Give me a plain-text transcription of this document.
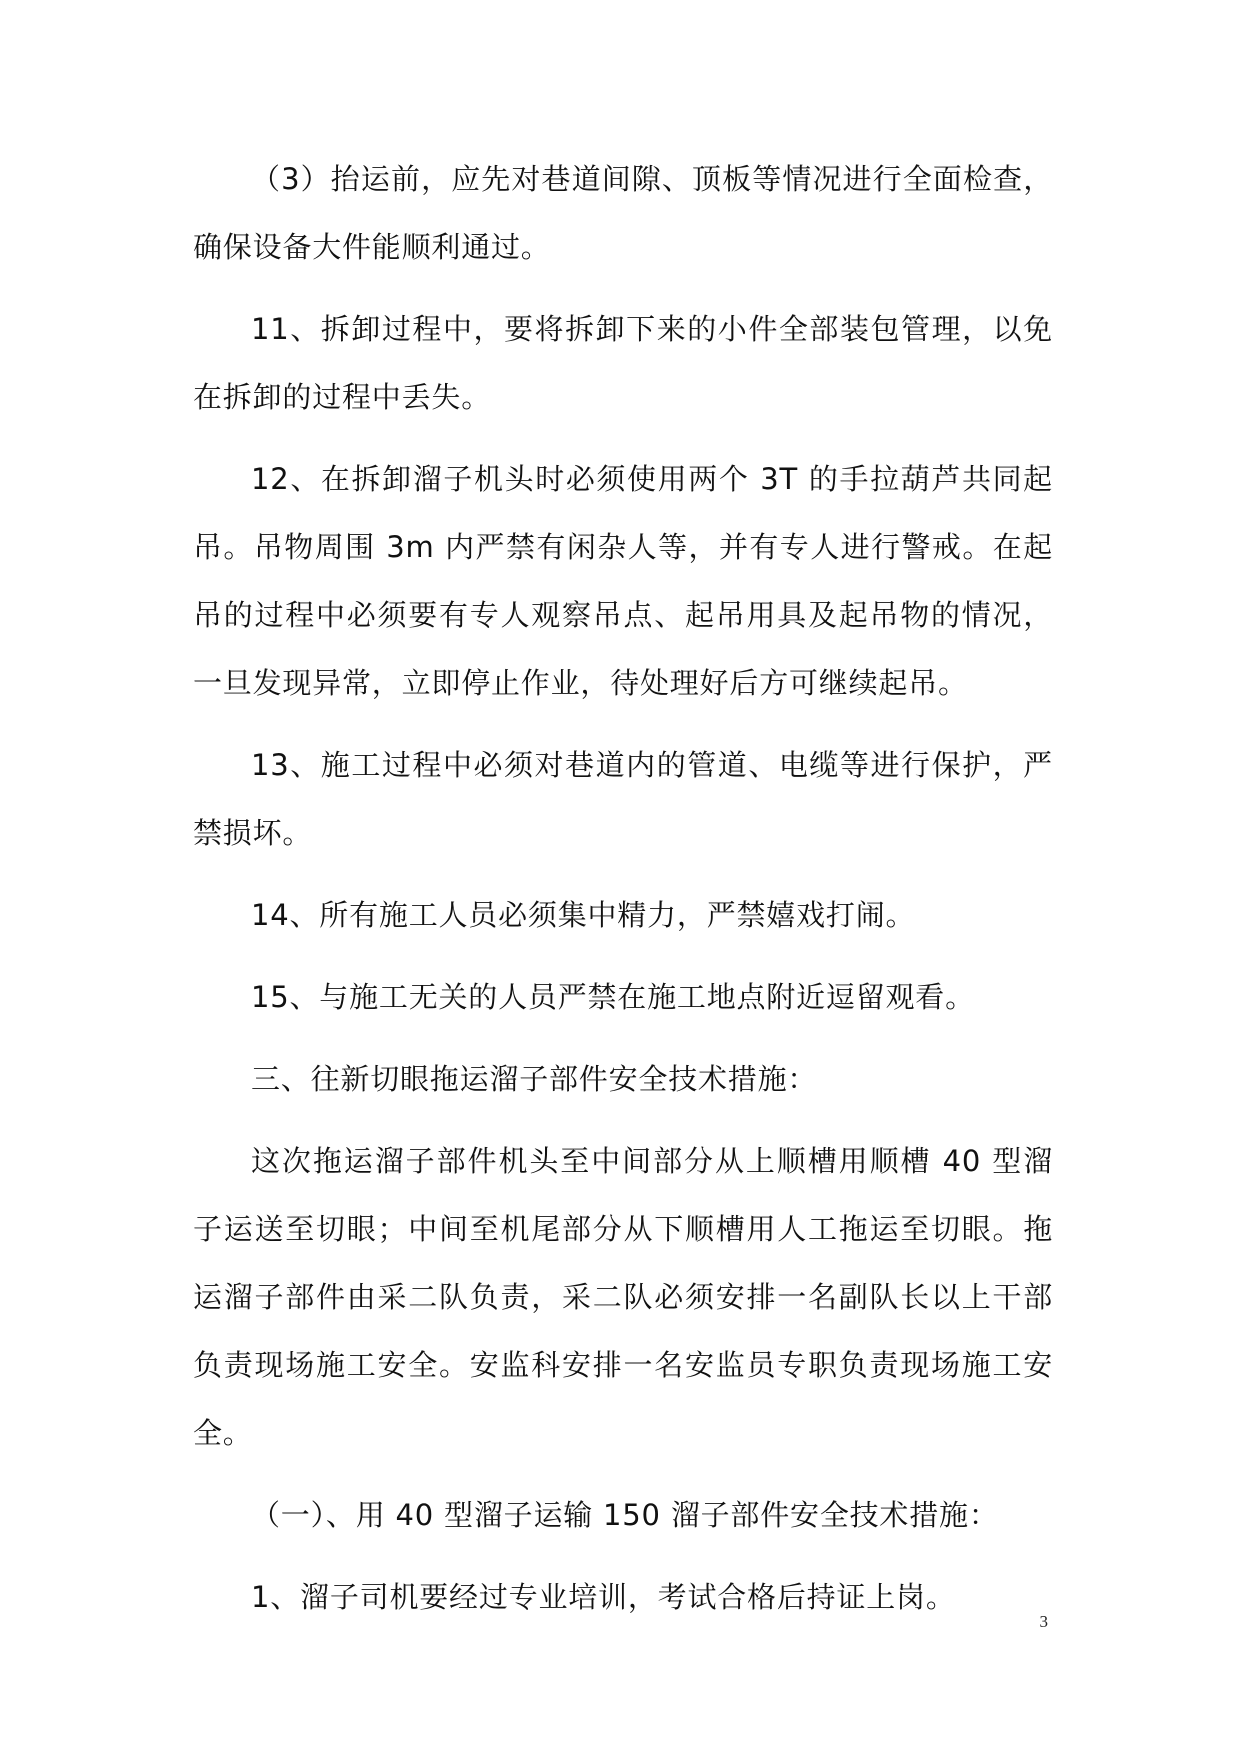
（3）抬运前，应先对巷道间隙、顶板等情况进行全面检查，确保设备大件能顺利通过。

11、拆卸过程中，要将拆卸下来的小件全部装包管理，以免在拆卸的过程中丢失。

12、在拆卸溜子机头时必须使用两个 3T 的手拉葫芦共同起吊。吊物周围 3m 内严禁有闲杂人等，并有专人进行警戒。在起吊的过程中必须要有专人观察吊点、起吊用具及起吊物的情况，一旦发现异常，立即停止作业，待处理好后方可继续起吊。

13、施工过程中必须对巷道内的管道、电缆等进行保护，严禁损坏。

14、所有施工人员必须集中精力，严禁嬉戏打闹。

15、与施工无关的人员严禁在施工地点附近逗留观看。

三、往新切眼拖运溜子部件安全技术措施：

这次拖运溜子部件机头至中间部分从上顺槽用顺槽 40 型溜子运送至切眼；中间至机尾部分从下顺槽用人工拖运至切眼。拖运溜子部件由采二队负责，采二队必须安排一名副队长以上干部负责现场施工安全。安监科安排一名安监员专职负责现场施工安全。

（一）、用 40 型溜子运输 150 溜子部件安全技术措施：

1、溜子司机要经过专业培训，考试合格后持证上岗。

3
